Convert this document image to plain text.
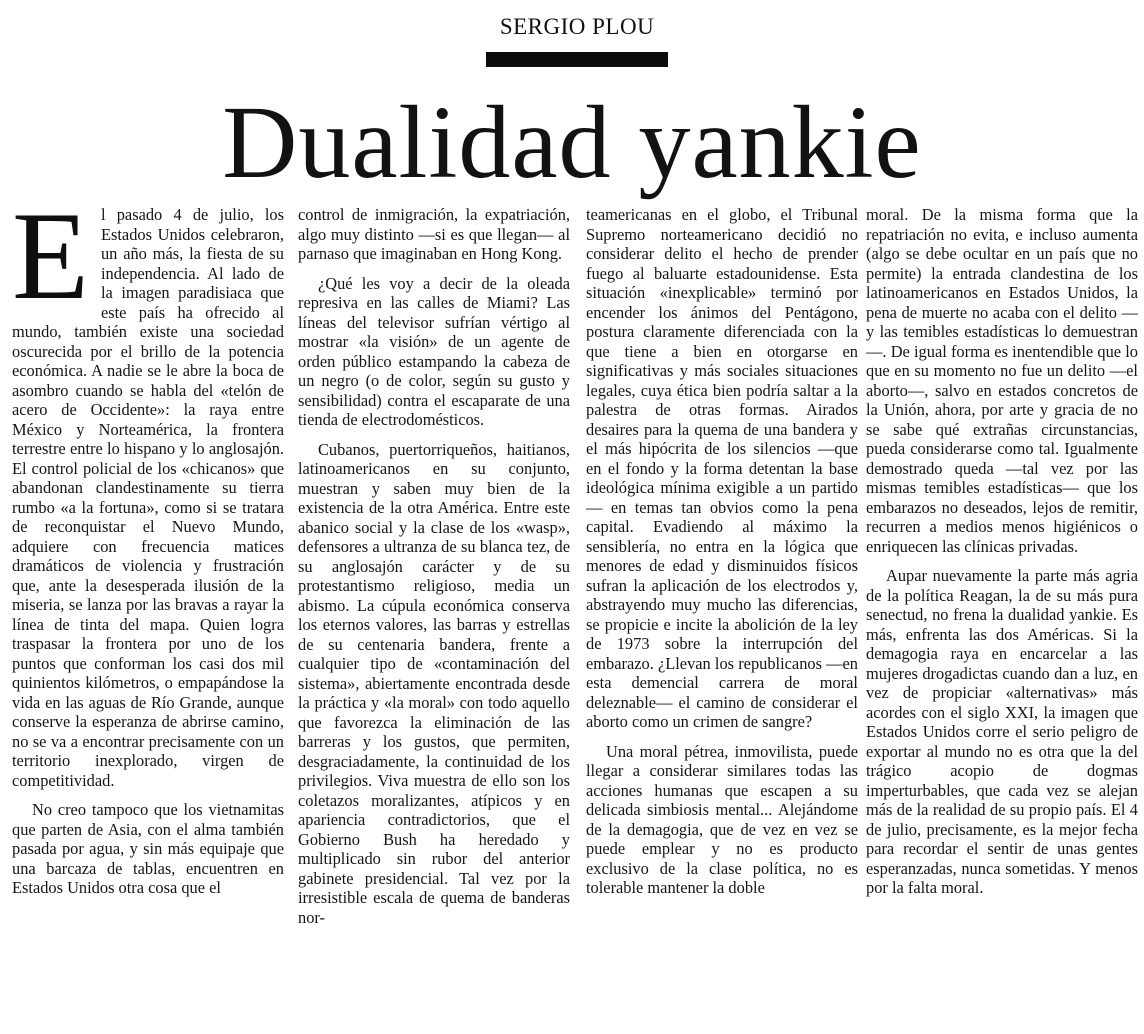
SERGIO PLOU
Dualidad yankie

El pasado 4 de julio, los Estados Unidos celebraron, un año más, la fiesta de su independencia. Al lado de la imagen paradisiaca que este país ha ofrecido al mundo, también existe una sociedad oscurecida por el brillo de la potencia económica. A nadie se le abre la boca de asombro cuando se habla del «telón de acero de Occidente»: la raya entre México y Norteamérica, la frontera terrestre entre lo hispano y lo anglosajón. El control policial de los «chicanos» que abandonan clandestinamente su tierra rumbo «a la fortuna», como si se tratara de reconquistar el Nuevo Mundo, adquiere con frecuencia matices dramáticos de violencia y frustración que, ante la desesperada ilusión de la miseria, se lanza por las bravas a rayar la línea de tinta del mapa. Quien logra traspasar la frontera por uno de los puntos que conforman los casi dos mil quinientos kilómetros, o empapándose la vida en las aguas de Río Grande, aunque conserve la esperanza de abrirse camino, no se va a encontrar precisamente con un territorio inexplorado, virgen de competitividad.

No creo tampoco que los vietnamitas que parten de Asia, con el alma también pasada por agua, y sin más equipaje que una barcaza de tablas, encuentren en Estados Unidos otra cosa que el

control de inmigración, la expatriación, algo muy distinto —si es que llegan— al parnaso que imaginaban en Hong Kong.

¿Qué les voy a decir de la oleada represiva en las calles de Miami? Las líneas del televisor sufrían vértigo al mostrar «la visión» de un agente de orden público estampando la cabeza de un negro (o de color, según su gusto y sensibilidad) contra el escaparate de una tienda de electrodomésticos.

Cubanos, puertorriqueños, haitianos, latinoamericanos en su conjunto, muestran y saben muy bien de la existencia de la otra América. Entre este abanico social y la clase de los «wasp», defensores a ultranza de su blanca tez, de su anglosajón carácter y de su protestantismo religioso, media un abismo. La cúpula económica conserva los eternos valores, las barras y estrellas de su centenaria bandera, frente a cualquier tipo de «contaminación del sistema», abiertamente encontrada desde la práctica y «la moral» con todo aquello que favorezca la eliminación de las barreras y los gustos, que permiten, desgraciadamente, la continuidad de los privilegios. Viva muestra de ello son los coletazos moralizantes, atípicos y en apariencia contradictorios, que el Gobierno Bush ha heredado y multiplicado sin rubor del anterior gabinete presidencial. Tal vez por la irresistible escala de quema de banderas nor-

teamericanas en el globo, el Tribunal Supremo norteamericano decidió no considerar delito el hecho de prender fuego al baluarte estadounidense. Esta situación «inexplicable» terminó por encender los ánimos del Pentágono, postura claramente diferenciada con la que tiene a bien en otorgarse en significativas y más sociales situaciones legales, cuya ética bien podría saltar a la palestra de otras formas. Airados desaires para la quema de una bandera y el más hipócrita de los silencios —que en el fondo y la forma detentan la base ideológica mínima exigible a un partido— en temas tan obvios como la pena capital. Evadiendo al máximo la sensiblería, no entra en la lógica que menores de edad y disminuidos físicos sufran la aplicación de los electrodos y, abstrayendo muy mucho las diferencias, se propicie e incite la abolición de la ley de 1973 sobre la interrupción del embarazo. ¿Llevan los republicanos —en esta demencial carrera de moral deleznable— el camino de considerar el aborto como un crimen de sangre?

Una moral pétrea, inmovilista, puede llegar a considerar similares todas las acciones humanas que escapen a su delicada simbiosis mental... Alejándome de la demagogia, que de vez en vez se puede emplear y no es producto exclusivo de la clase política, no es tolerable mantener la doble

moral. De la misma forma que la repatriación no evita, e incluso aumenta (algo se debe ocultar en un país que no permite) la entrada clandestina de los latinoamericanos en Estados Unidos, la pena de muerte no acaba con el delito —y las temibles estadísticas lo demuestran—. De igual forma es inentendible que lo que en su momento no fue un delito —el aborto—, salvo en estados concretos de la Unión, ahora, por arte y gracia de no se sabe qué extrañas circunstancias, pueda considerarse como tal. Igualmente demostrado queda —tal vez por las mismas temibles estadísticas— que los embarazos no deseados, lejos de remitir, recurren a medios menos higiénicos o enriquecen las clínicas privadas.

Aupar nuevamente la parte más agria de la política Reagan, la de su más pura senectud, no frena la dualidad yankie. Es más, enfrenta las dos Américas. Si la demagogia raya en encarcelar a las mujeres drogadictas cuando dan a luz, en vez de propiciar «alternativas» más acordes con el siglo XXI, la imagen que Estados Unidos corre el serio peligro de exportar al mundo no es otra que la del trágico acopio de dogmas imperturbables, que cada vez se alejan más de la realidad de su propio país. El 4 de julio, precisamente, es la mejor fecha para recordar el sentir de unas gentes esperanzadas, nunca sometidas. Y menos por la falta moral.
